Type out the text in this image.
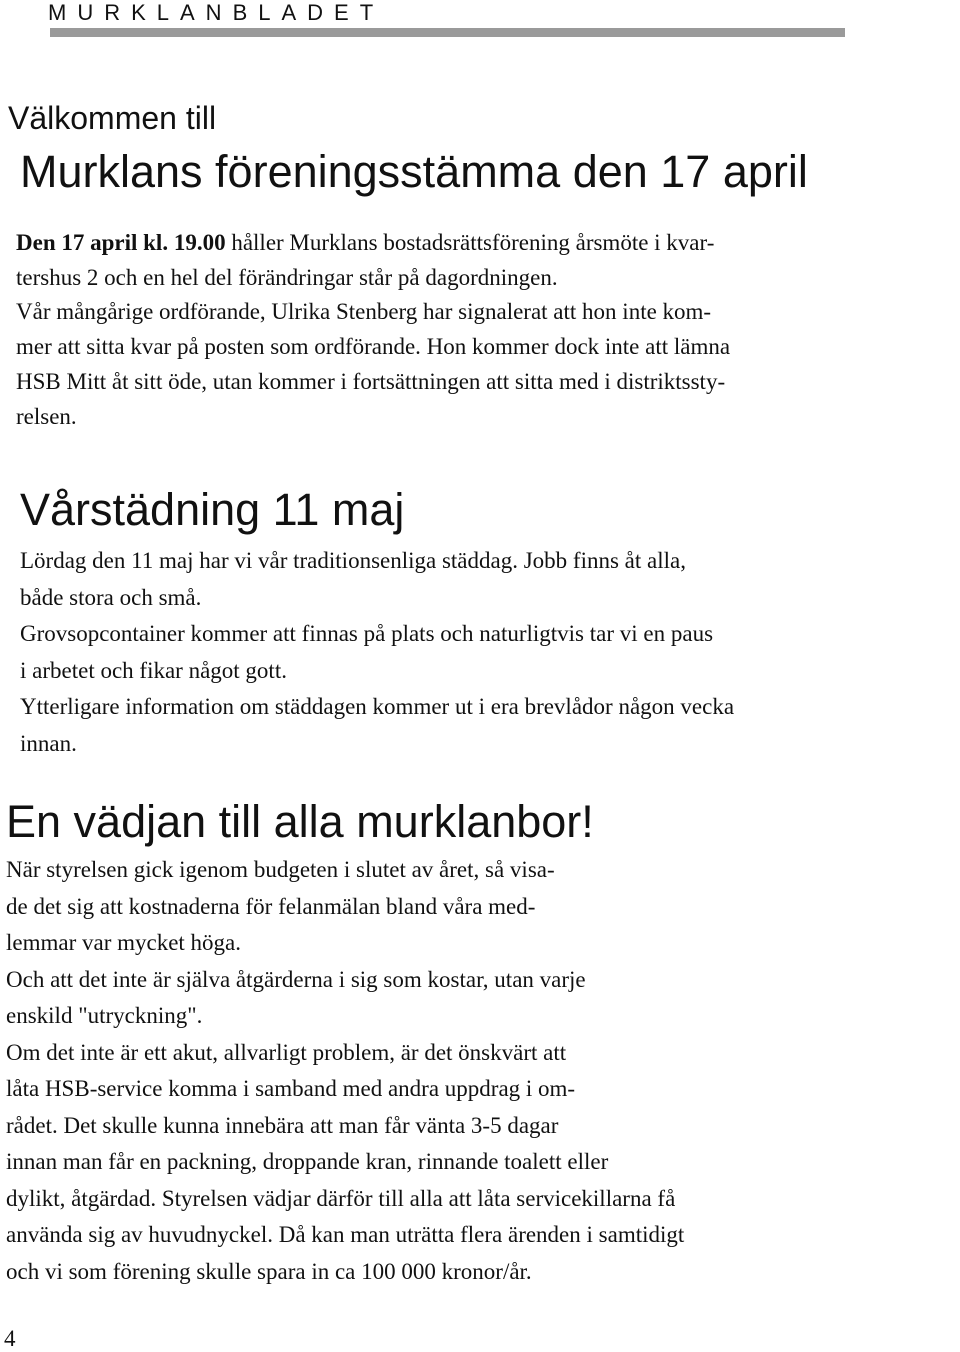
MURKLANBLADET
Välkommen till
Murklans föreningsstämma den 17 april
Den 17 april kl. 19.00 håller Murklans bostadsrättsförening årsmöte i kvar-
tershus 2 och en hel del förändringar står på dagordningen.
Vår mångårige ordförande, Ulrika Stenberg har signalerat att hon inte kom-
mer att sitta kvar på posten som ordförande. Hon kommer dock inte att lämna
HSB Mitt åt sitt öde, utan kommer i fortsättningen att sitta med i distriktssty-
relsen.
Vårstädning 11 maj
Lördag den 11 maj har vi vår traditionsenliga städdag. Jobb finns åt alla,
både stora och små.
Grovsopcontainer kommer att finnas på plats och naturligtvis tar vi en paus
i arbetet och fikar något gott.
Ytterligare information om städdagen kommer ut i era brevlådor någon vecka
innan.
En vädjan till alla murklanbor!
När styrelsen gick igenom budgeten i slutet av året, så visa-
de det sig att kostnaderna för felanmälan bland våra med-
lemmar var mycket höga.
Och att det inte är själva åtgärderna i sig som kostar, utan varje
enskild "utryckning".
Om det inte är ett akut, allvarligt problem, är det önskvärt att
låta HSB-service komma i samband med andra uppdrag i om-
rådet. Det skulle kunna innebära att man får vänta 3-5 dagar
innan man får en packning, droppande kran, rinnande toalett eller
dylikt, åtgärdad. Styrelsen vädjar därför till alla att låta servicekillarna få
använda sig av huvudnyckel. Då kan man uträtta flera ärenden i samtidigt
och vi som förening skulle spara in ca 100 000 kronor/år.
4
